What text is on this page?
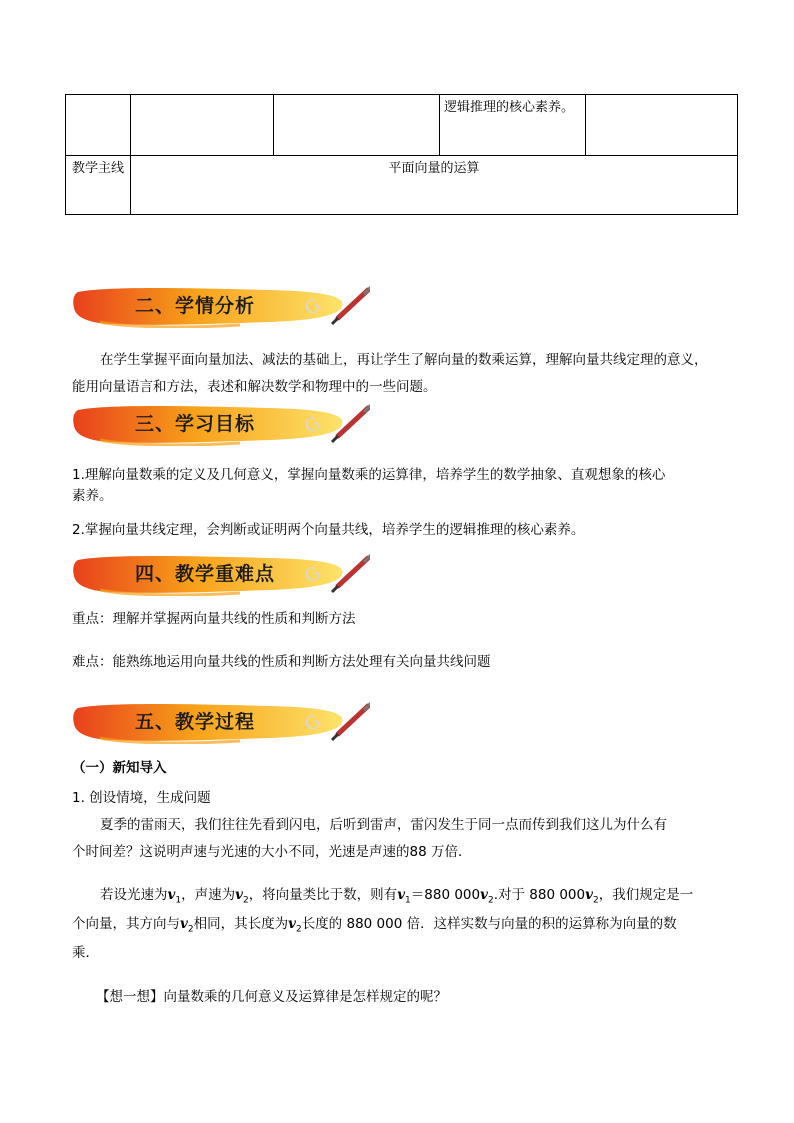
			逻辑推理的核心素养。	
教学主线	平面向量的运算			
二、学情分析
在学生掌握平面向量加法、减法的基础上，再让学生了解向量的数乘运算，理解向量共线定理的意义，
能用向量语言和方法，表述和解决数学和物理中的一些问题。
三、学习目标
1.理解向量数乘的定义及几何意义，掌握向量数乘的运算律，培养学生的数学抽象、直观想象的核心
素养。
2.掌握向量共线定理，会判断或证明两个向量共线，培养学生的逻辑推理的核心素养。
四、教学重难点
重点：理解并掌握两向量共线的性质和判断方法
难点：能熟练地运用向量共线的性质和判断方法处理有关向量共线问题
五、教学过程
（一）新知导入
1. 创设情境，生成问题
夏季的雷雨天，我们往往先看到闪电，后听到雷声，雷闪发生于同一点而传到我们这儿为什么有
个时间差？这说明声速与光速的大小不同，光速是声速的88 万倍．
若设光速为$v_1$，声速为$v_2$，将向量类比于数，则有$v_1=880$ $000v_2$.对于 880 $000v_2$，我们规定是一
个向量，其方向与$v_2$相同，其长度为$v_2$长度的 880 000 倍．这样实数与向量的积的运算称为向量的数
乘．
【想一想】向量数乘的几何意义及运算律是怎样规定的呢？
